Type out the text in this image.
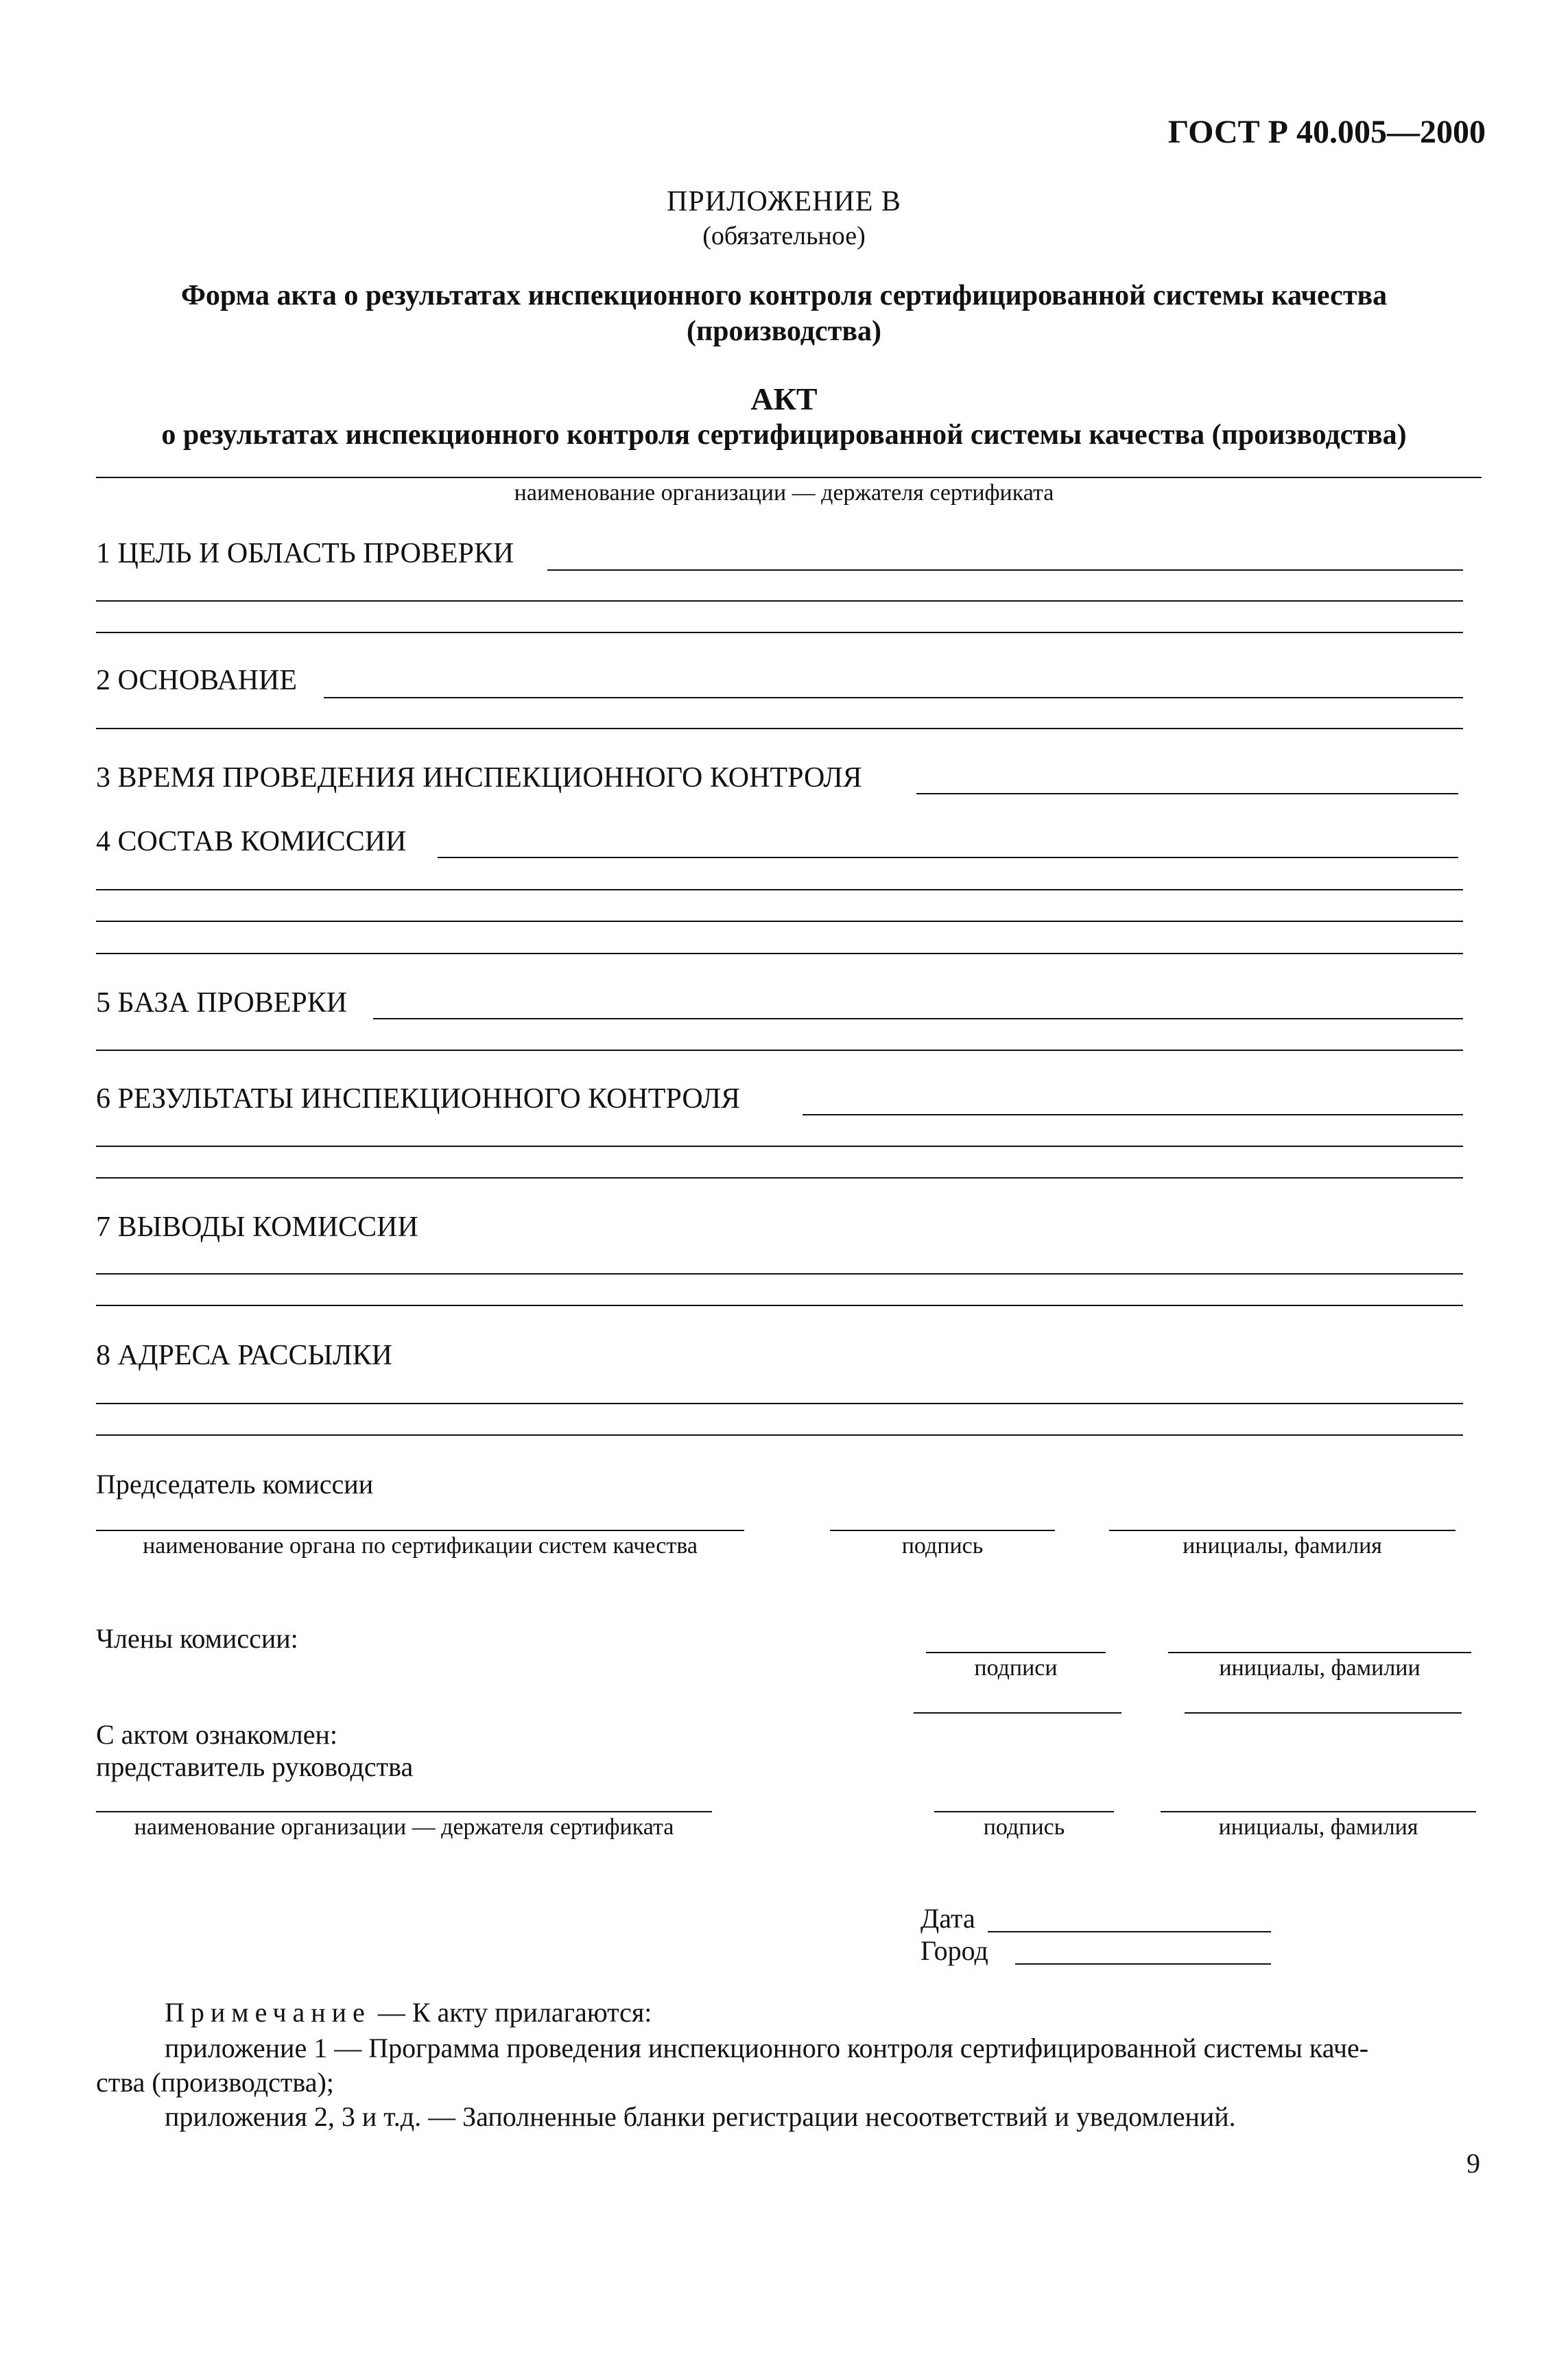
ГОСТ Р 40.005—2000
ПРИЛОЖЕНИЕ В
(обязательное)
Форма акта о результатах инспекционного контроля сертифицированной системы качества
(производства)
АКТ
о результатах инспекционного контроля сертифицированной системы качества (производства)
наименование организации — держателя сертификата
1 ЦЕЛЬ И ОБЛАСТЬ ПРОВЕРКИ
2 ОСНОВАНИЕ
3 ВРЕМЯ ПРОВЕДЕНИЯ ИНСПЕКЦИОННОГО КОНТРОЛЯ
4 СОСТАВ КОМИССИИ
5 БАЗА ПРОВЕРКИ
6 РЕЗУЛЬТАТЫ ИНСПЕКЦИОННОГО КОНТРОЛЯ
7 ВЫВОДЫ КОМИССИИ
8 АДРЕСА РАССЫЛКИ
Председатель комиссии
наименование органа по сертификации систем качества	подпись	инициалы, фамилия
Члены комиссии:
подписи	инициалы, фамилии
С актом ознакомлен:
представитель руководства
наименование организации — держателя сертификата	подпись	инициалы, фамилия
Дата
Город
Примечание — К акту прилагаются:
приложение 1 — Программа проведения инспекционного контроля сертифицированной системы каче-
ства (производства);
приложения 2, 3 и т.д. — Заполненные бланки регистрации несоответствий и уведомлений.
9
